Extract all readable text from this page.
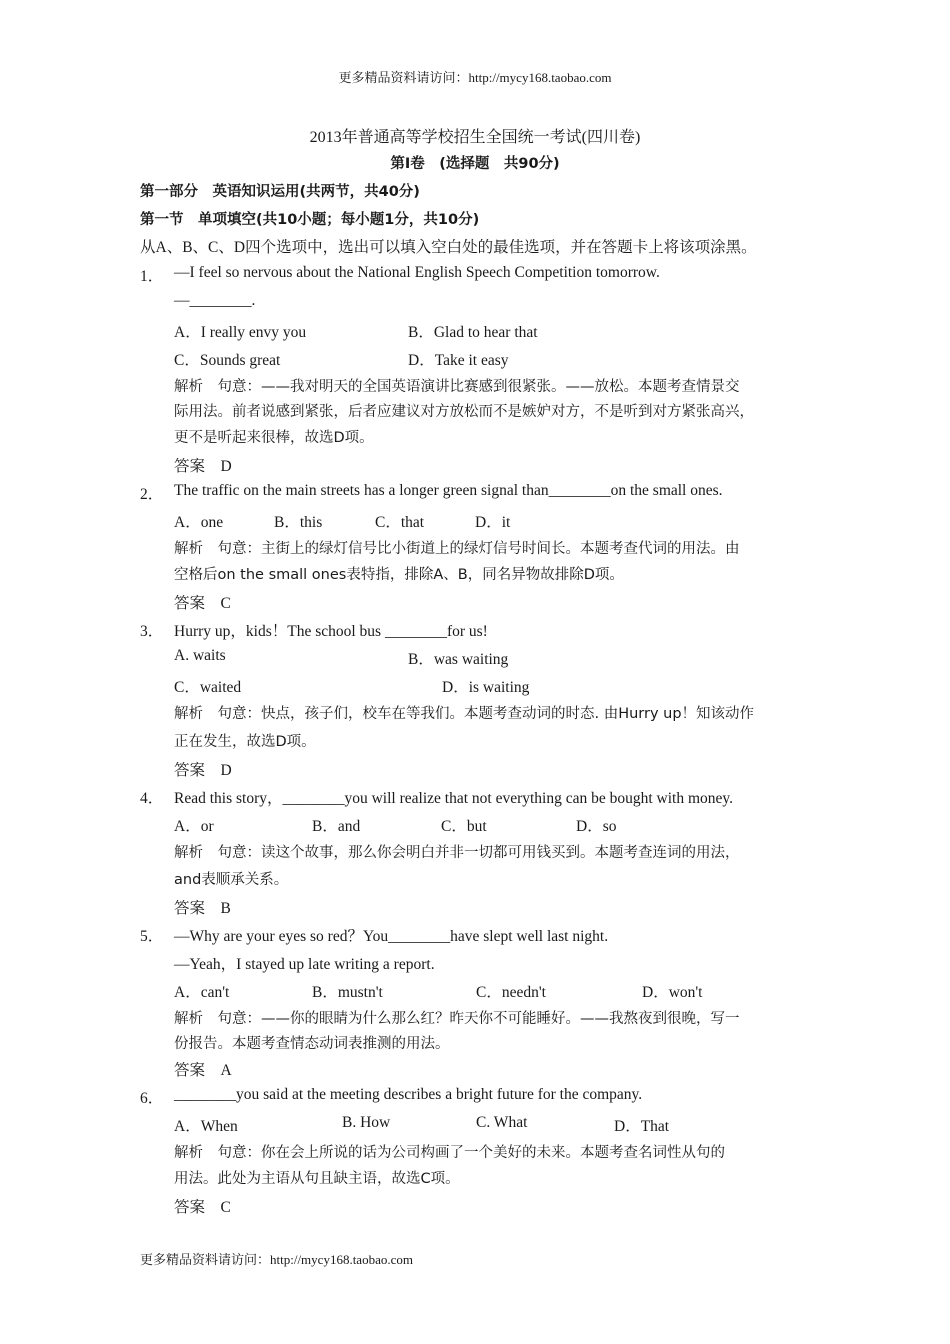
更多精品资料请访问：http://mycy168.taobao.com
2013年普通高等学校招生全国统一考试(四川卷)
第Ⅰ卷　(选择题　共90分)
第一部分　英语知识运用(共两节，共40分)
第一节　单项填空(共10小题；每小题1分，共10分)
从A、B、C、D四个选项中，选出可以填入空白处的最佳选项，并在答题卡上将该项涂黑。
1． —I feel so nervous about the National English Speech Competition tomorrow.
—________.
A．I really envy you	B．Glad to hear that
C．Sounds great	D．Take it easy
解析　句意：——我对明天的全国英语演讲比赛感到很紧张。——放松。本题考查情景交
际用法。前者说感到紧张，后者应建议对方放松而不是嫉妒对方，不是听到对方紧张高兴，
更不是听起来很棒，故选D项。
答案　D
2． The traffic on the main streets has a longer green signal than________on the small ones.
A．one	B．this	C．that	D．it
解析　句意：主街上的绿灯信号比小街道上的绿灯信号时间长。本题考查代词的用法。由
空格后on the small ones表特指，排除A、B，同名异物故排除D项。
答案　C
3． Hurry up，kids！The school bus ________for us!
A. waits	B．was waiting
C．waited	D．is waiting
解析　句意：快点，孩子们，校车在等我们。本题考查动词的时态. 由Hurry up！知该动作
正在发生，故选D项。
答案　D
4． Read this story，________you will realize that not everything can be bought with money.
A．or	B．and	C．but	D．so
解析　句意：读这个故事，那么你会明白并非一切都可用钱买到。本题考查连词的用法，
and表顺承关系。
答案　B
5． —Why are your eyes so red？You________have slept well last night.
—Yeah，I stayed up late writing a report.
A．can't	B．mustn't	C．needn't	D．won't
解析　句意：——你的眼睛为什么那么红？昨天你不可能睡好。——我熬夜到很晚，写一
份报告。本题考查情态动词表推测的用法。
答案　A
6． ________you said at the meeting describes a bright future for the company.
A．When	B. How	C. What	D．That
解析　句意：你在会上所说的话为公司构画了一个美好的未来。本题考查名词性从句的
用法。此处为主语从句且缺主语，故选C项。
答案　C
更多精品资料请访问：http://mycy168.taobao.com
